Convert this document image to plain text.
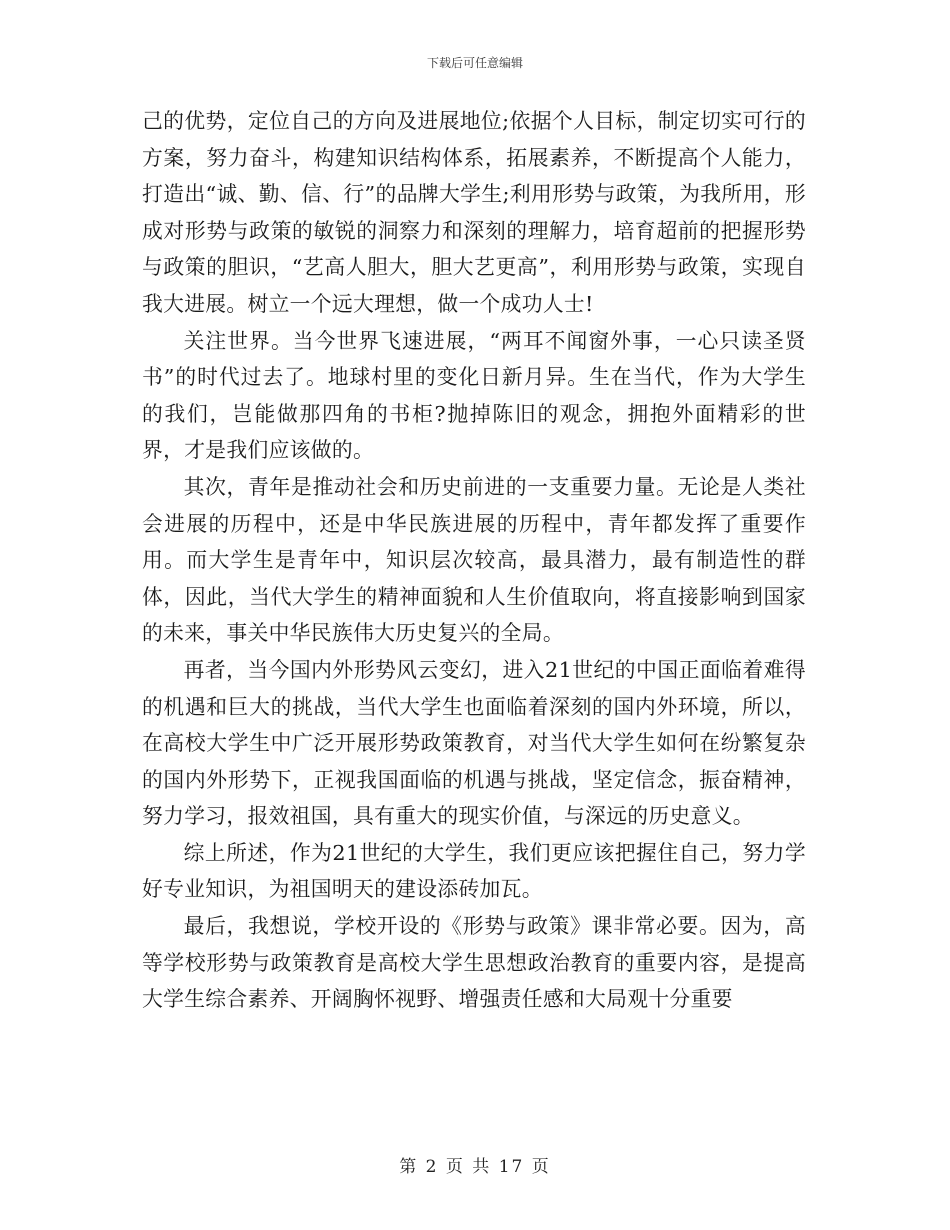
下载后可任意编辑

己的优势，定位自己的方向及进展地位;依据个人目标，制定切实可行的方案，努力奋斗，构建知识结构体系，拓展素养，不断提高个人能力，打造出“诚、勤、信、行”的品牌大学生;利用形势与政策，为我所用，形成对形势与政策的敏锐的洞察力和深刻的理解力，培育超前的把握形势与政策的胆识，“艺高人胆大，胆大艺更高”，利用形势与政策，实现自我大进展。树立一个远大理想，做一个成功人士!

关注世界。当今世界飞速进展，“两耳不闻窗外事，一心只读圣贤书”的时代过去了。地球村里的变化日新月异。生在当代，作为大学生的我们，岂能做那四角的书柜?抛掉陈旧的观念，拥抱外面精彩的世界，才是我们应该做的。

其次，青年是推动社会和历史前进的一支重要力量。无论是人类社会进展的历程中，还是中华民族进展的历程中，青年都发挥了重要作用。而大学生是青年中，知识层次较高，最具潜力，最有制造性的群体，因此，当代大学生的精神面貌和人生价值取向，将直接影响到国家的未来，事关中华民族伟大历史复兴的全局。

再者，当今国内外形势风云变幻，进入21世纪的中国正面临着难得的机遇和巨大的挑战，当代大学生也面临着深刻的国内外环境，所以，在高校大学生中广泛开展形势政策教育，对当代大学生如何在纷繁复杂的国内外形势下，正视我国面临的机遇与挑战，坚定信念，振奋精神，努力学习，报效祖国，具有重大的现实价值，与深远的历史意义。

综上所述，作为21世纪的大学生，我们更应该把握住自己，努力学好专业知识，为祖国明天的建设添砖加瓦。

最后，我想说，学校开设的《形势与政策》课非常必要。因为，高等学校形势与政策教育是高校大学生思想政治教育的重要内容，是提高大学生综合素养、开阔胸怀视野、增强责任感和大局观十分重要

第 2 页 共 17 页
